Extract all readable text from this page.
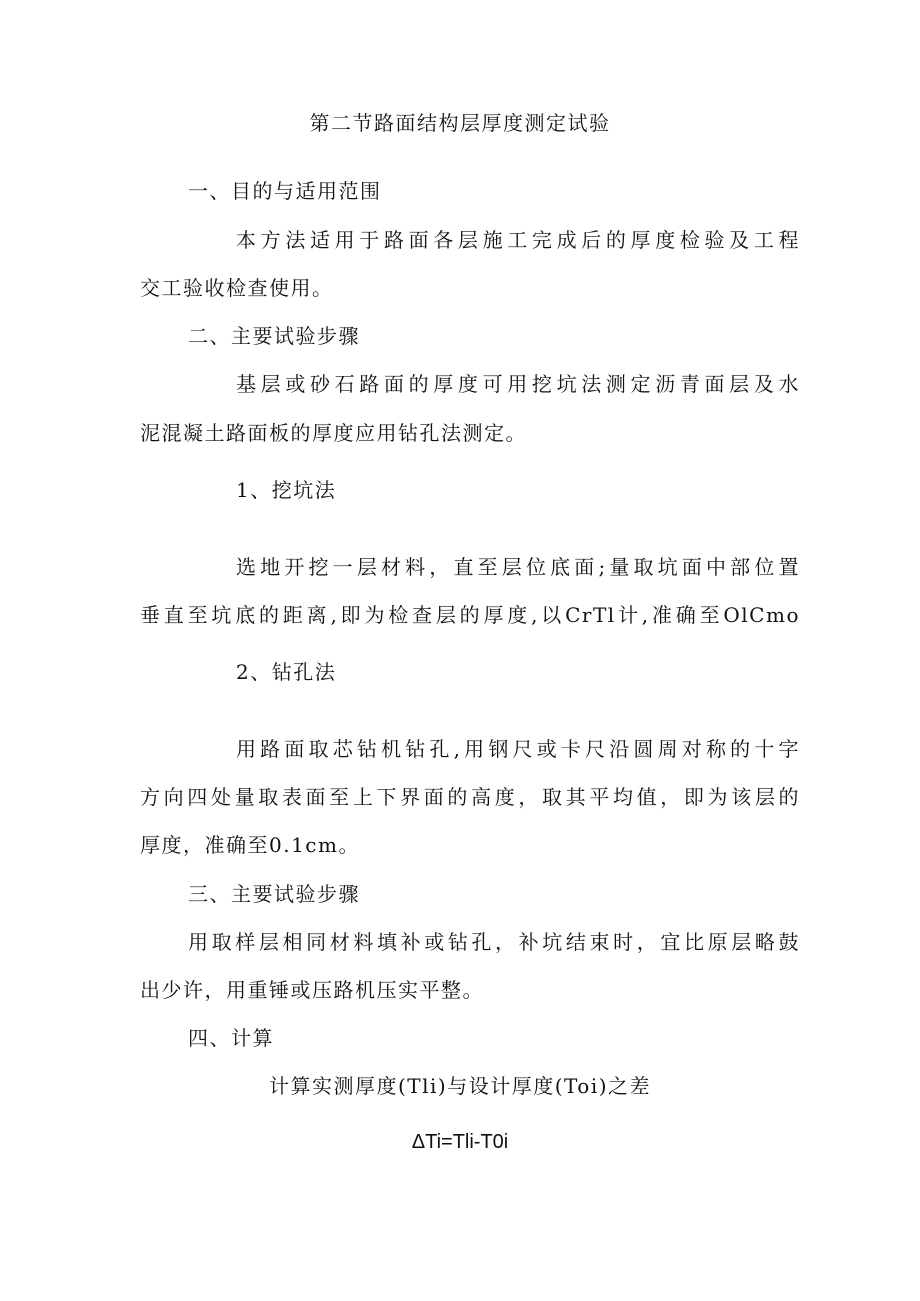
第二节路面结构层厚度测定试验
一、目的与适用范围
本方法适用于路面各层施工完成后的厚度检验及工程
交工验收检查使用。
二、主要试验步骤
基层或砂石路面的厚度可用挖坑法测定沥青面层及水
泥混凝土路面板的厚度应用钻孔法测定。
1、挖坑法
选地开挖一层材料，直至层位底面;量取坑面中部位置
垂直至坑底的距离,即为检查层的厚度,以CrTl计,准确至OlCmo
2、钻孔法
用路面取芯钻机钻孔,用钢尺或卡尺沿圆周对称的十字
方向四处量取表面至上下界面的高度，取其平均值，即为该层的
厚度，准确至0.1cm。
三、主要试验步骤
用取样层相同材料填补或钻孔，补坑结束时，宜比原层略鼓
出少许，用重锤或压路机压实平整。
四、计算
计算实测厚度(Tli)与设计厚度(Toi)之差
ΔTi=Tli-T0i
